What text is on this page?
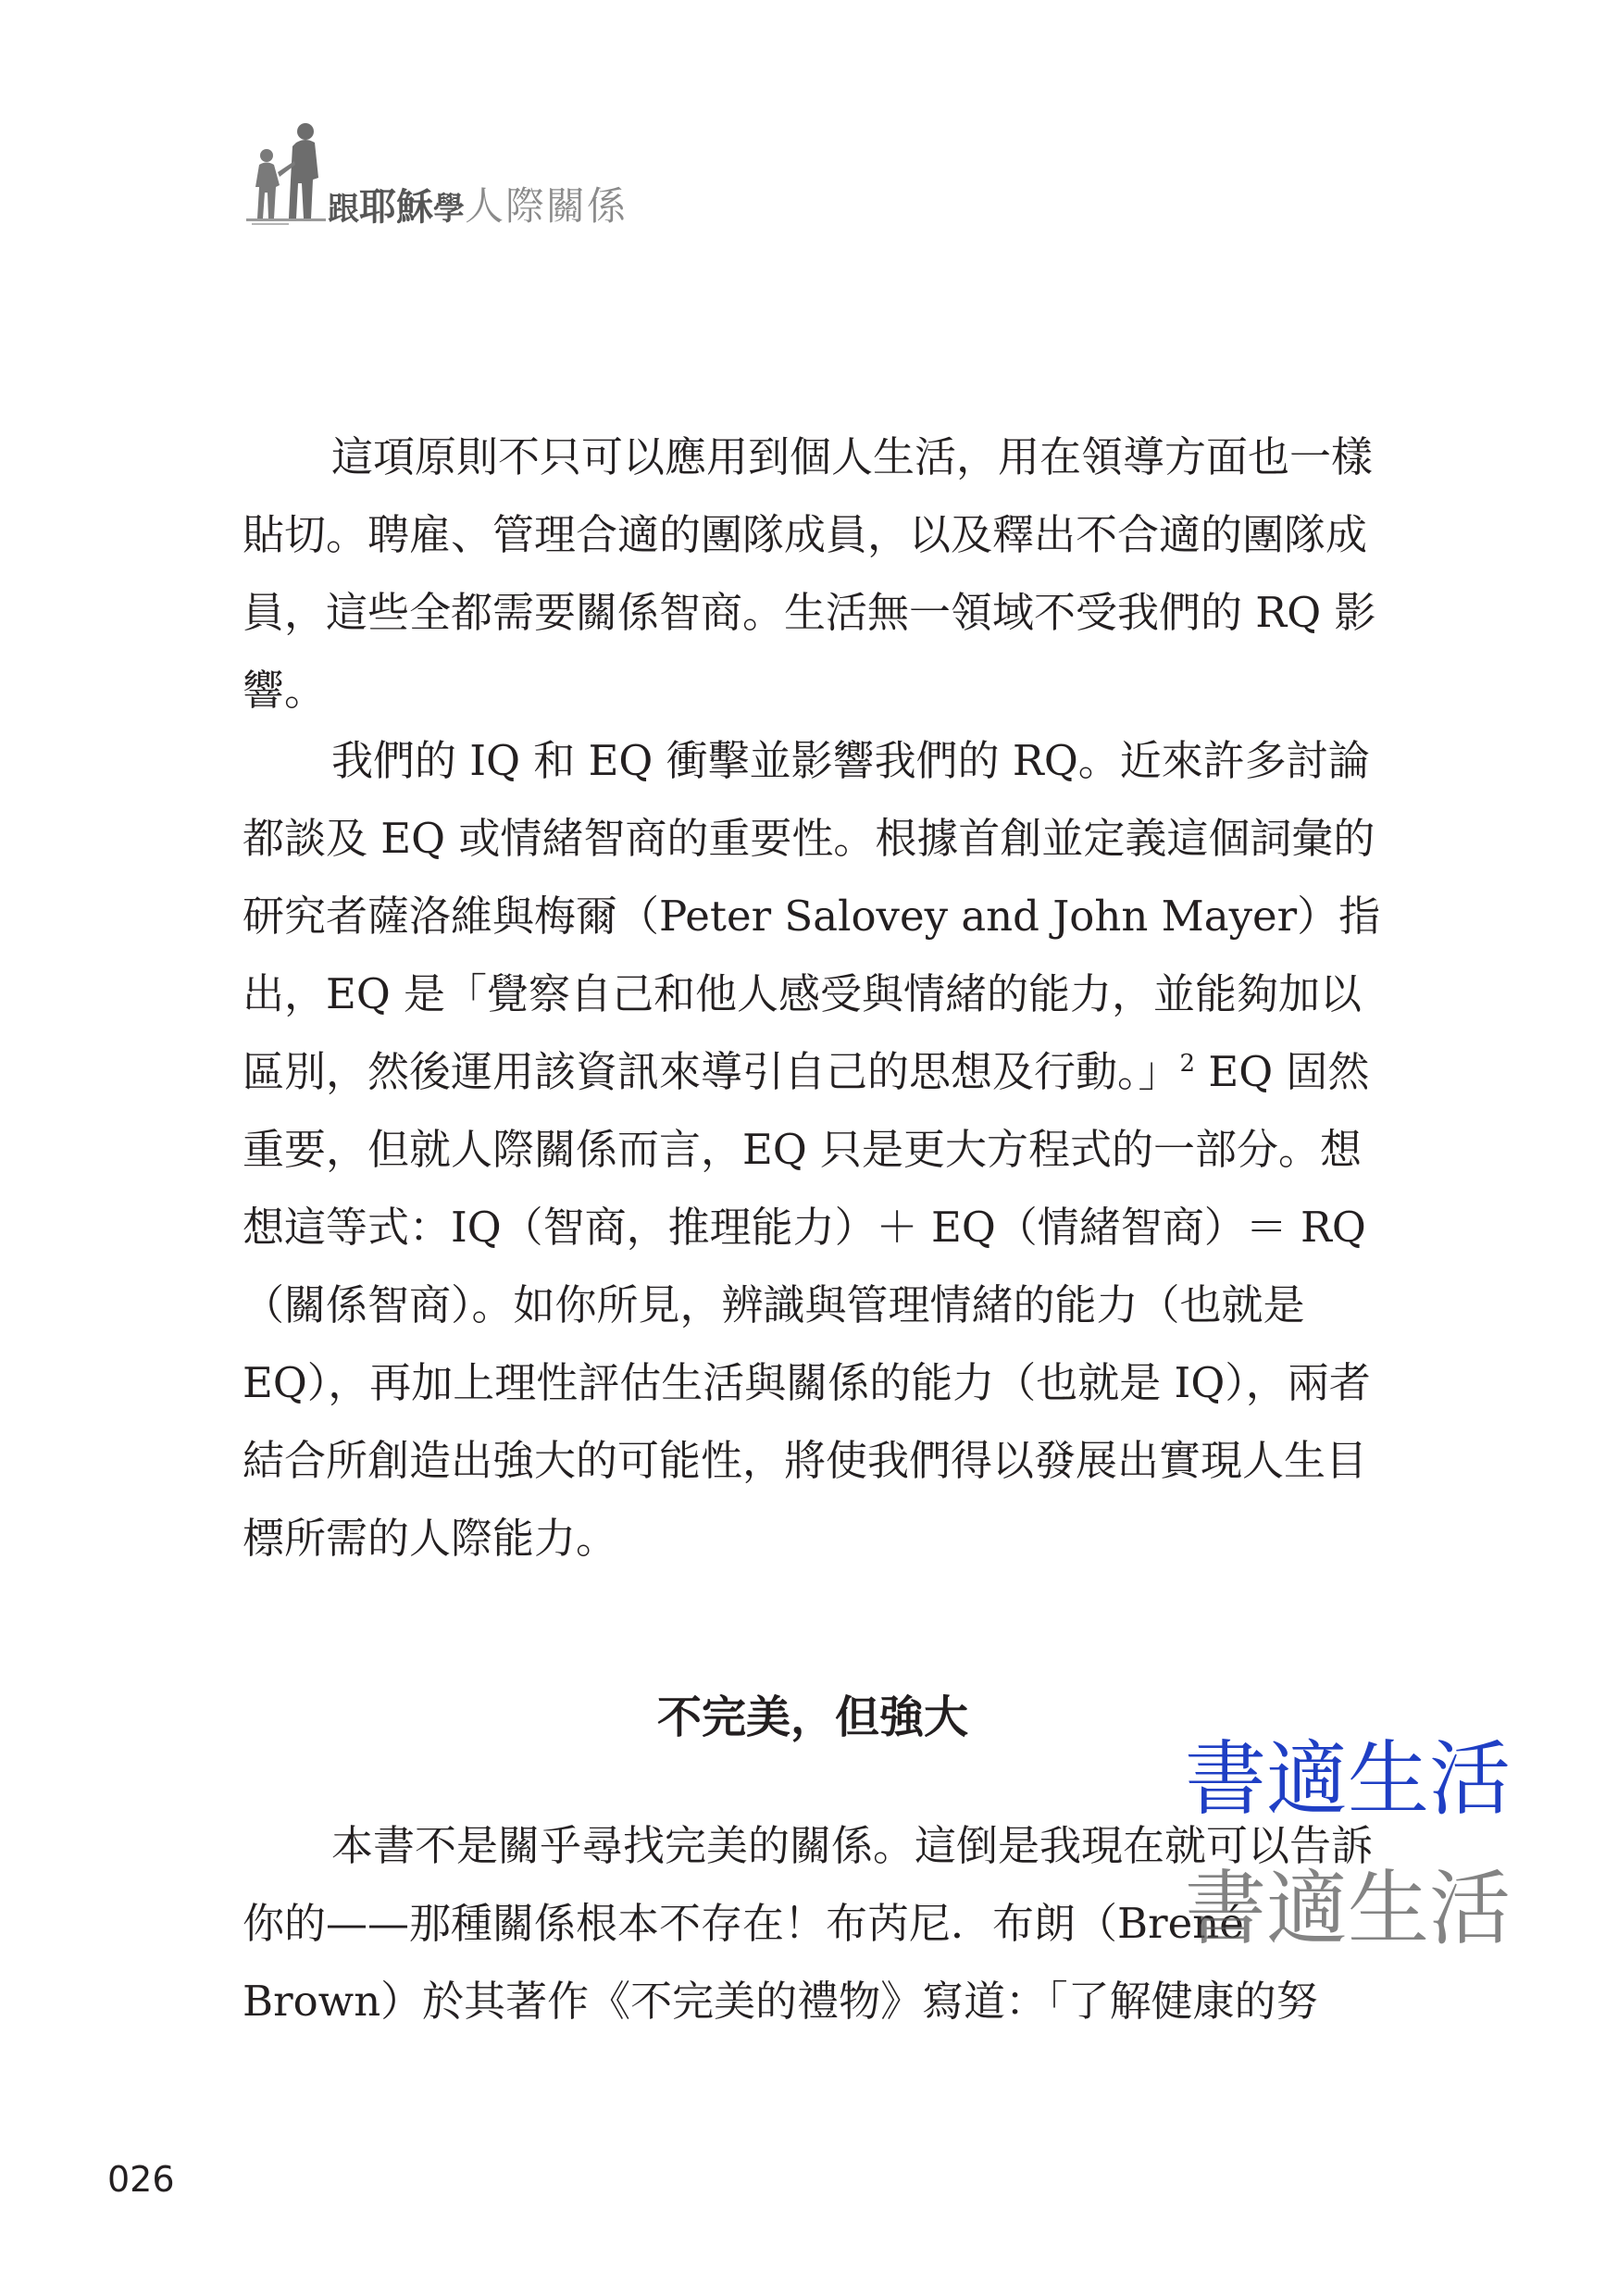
跟耶穌學人際關係

這項原則不只可以應用到個人生活，用在領導方面也一樣貼切。聘雇、管理合適的團隊成員，以及釋出不合適的團隊成員，這些全都需要關係智商。生活無一領域不受我們的 RQ 影響。

我們的 IQ 和 EQ 衝擊並影響我們的 RQ。近來許多討論都談及 EQ 或情緒智商的重要性。根據首創並定義這個詞彙的研究者薩洛維與梅爾（Peter Salovey and John Mayer）指出，EQ 是「覺察自己和他人感受與情緒的能力，並能夠加以區別，然後運用該資訊來導引自己的思想及行動。」$^2$ EQ 固然重要，但就人際關係而言，EQ 只是更大方程式的一部分。想想這等式：IQ（智商，推理能力）＋ EQ（情緒智商）＝ RQ（關係智商）。如你所見，辨識與管理情緒的能力（也就是 EQ），再加上理性評估生活與關係的能力（也就是 IQ），兩者結合所創造出強大的可能性，將使我們得以發展出實現人生目標所需的人際能力。

不完美，但強大

本書不是關乎尋找完美的關係。這倒是我現在就可以告訴你的——那種關係根本不存在！布芮尼．布朗（Brené Brown）於其著作《不完美的禮物》寫道：「了解健康的努

書適生活
書適生活
026
